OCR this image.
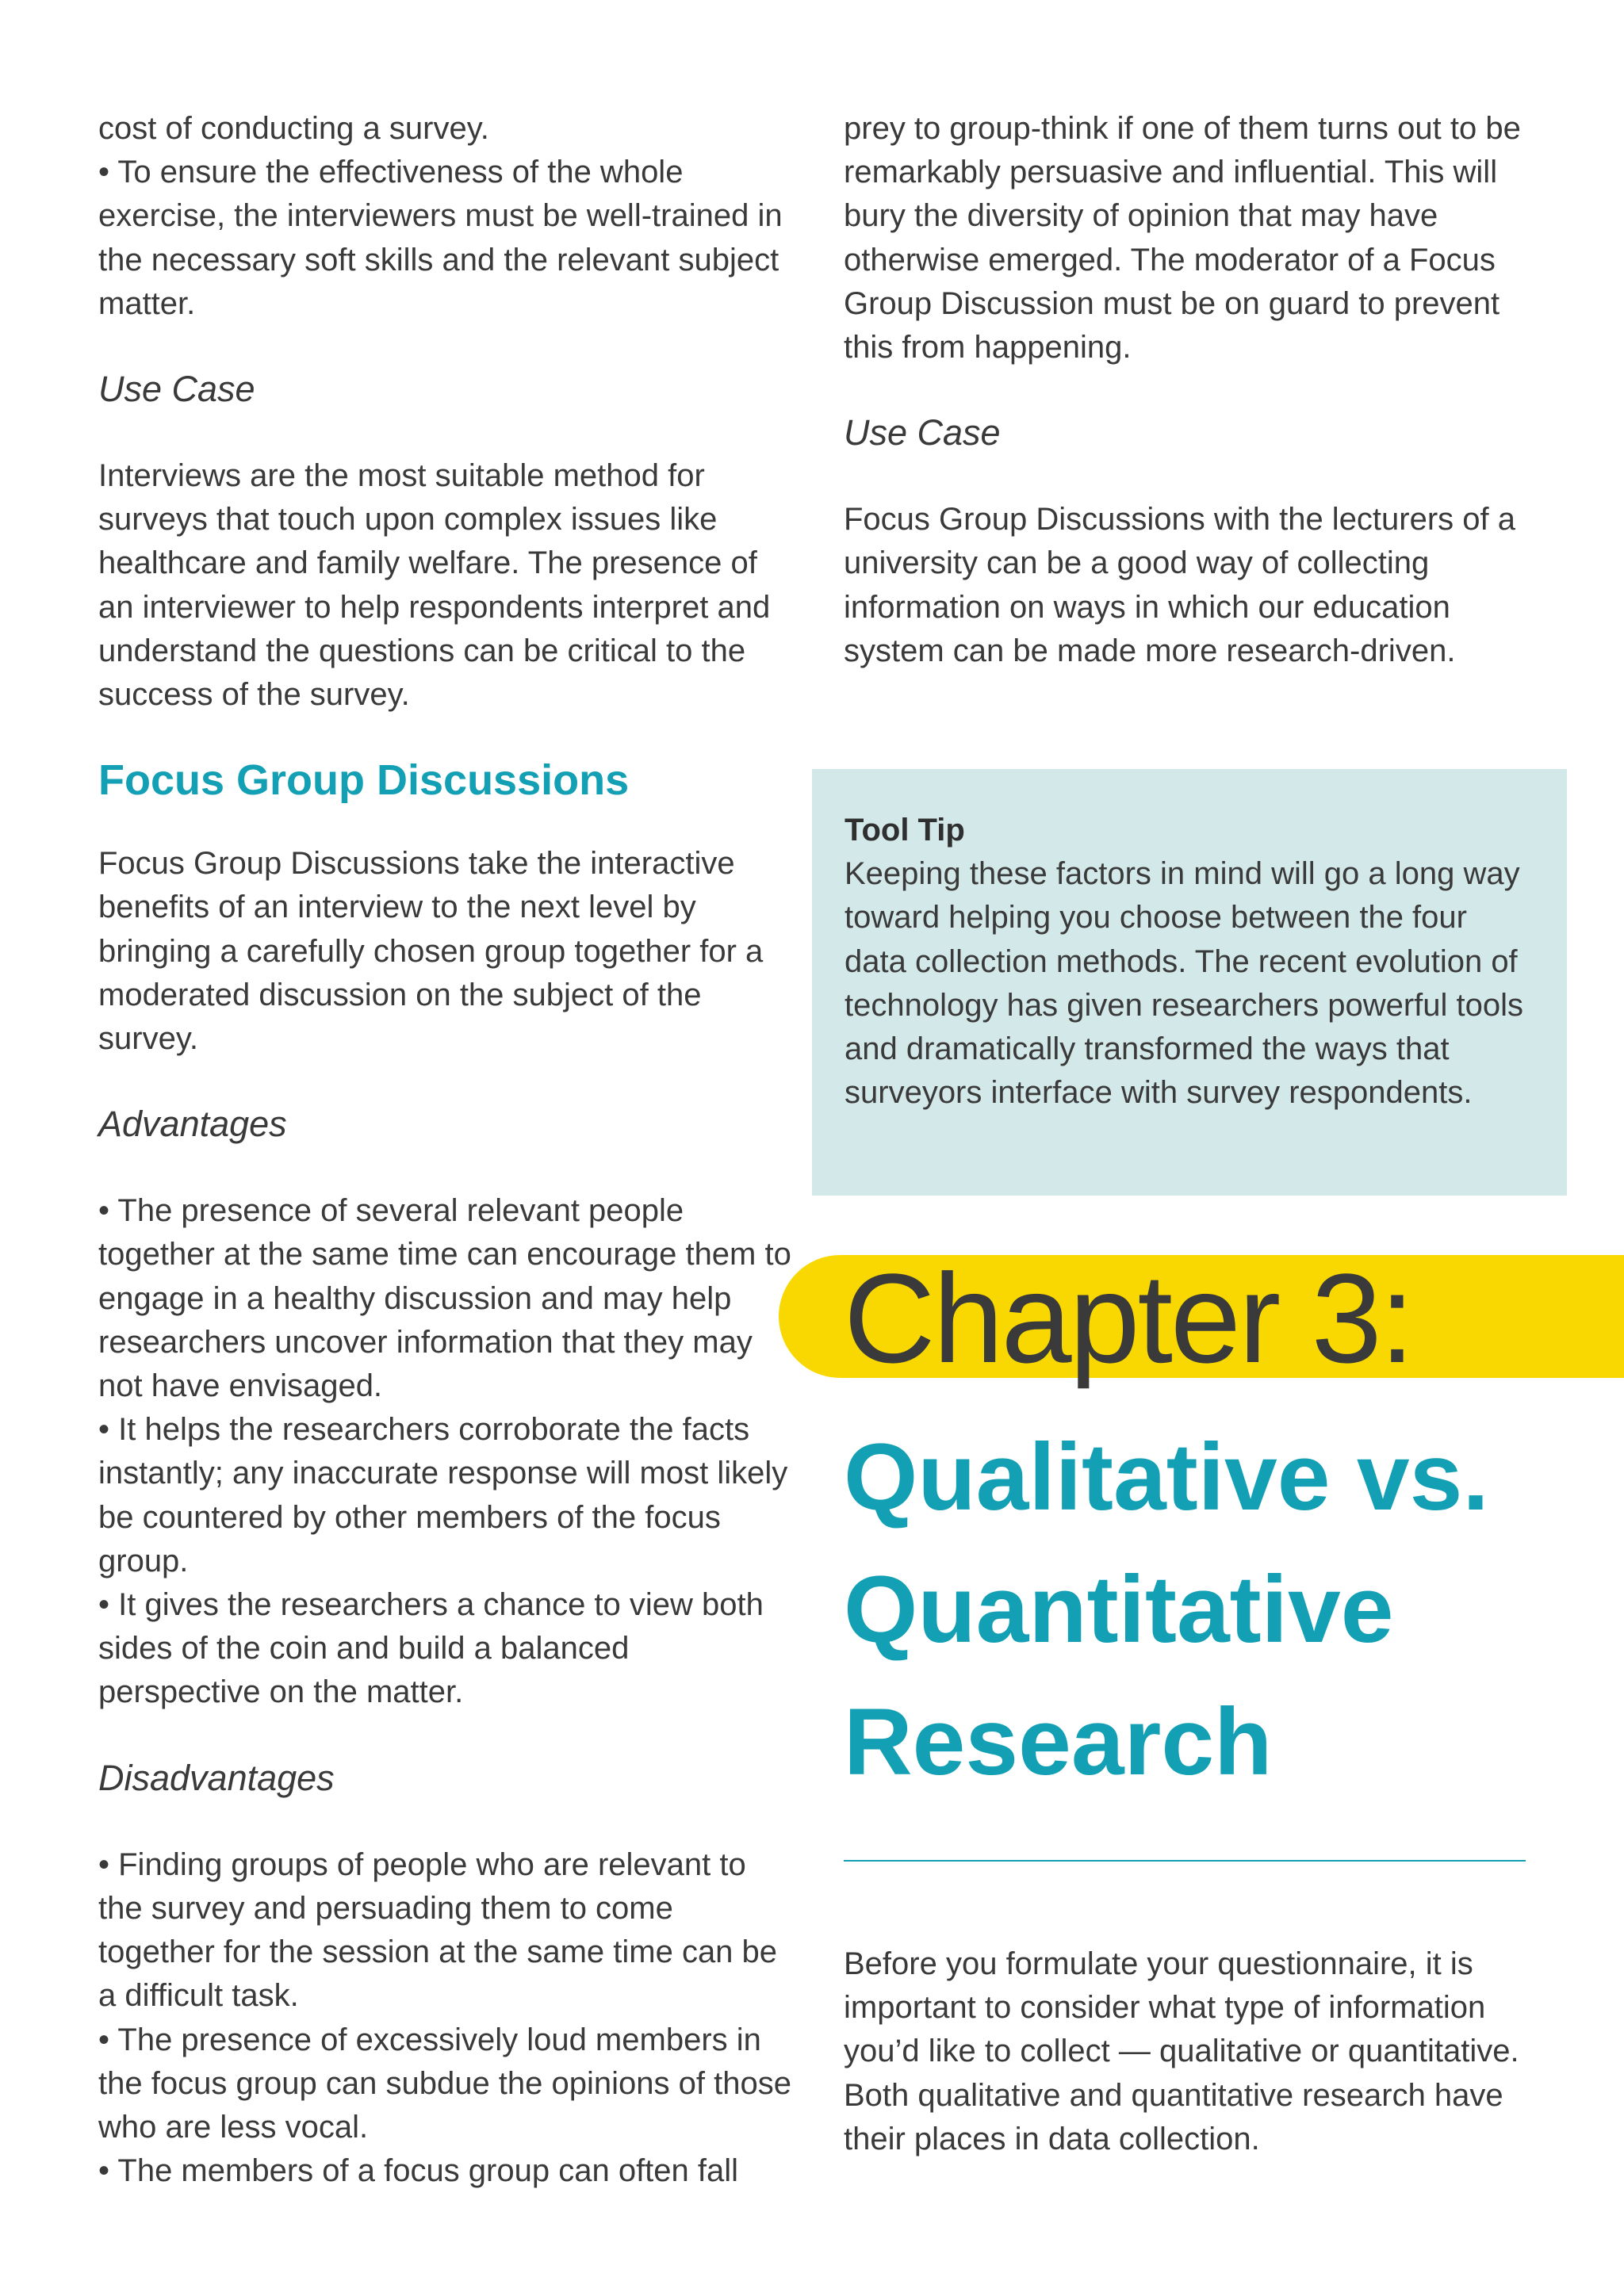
cost of conducting a survey.
• To ensure the effectiveness of the whole exercise, the interviewers must be well-trained in the necessary soft skills and the relevant subject matter.

Use Case

Interviews are the most suitable method for surveys that touch upon complex issues like healthcare and family welfare. The presence of an interviewer to help respondents interpret and understand the questions can be critical to the success of the survey.

Focus Group Discussions

Focus Group Discussions take the interactive benefits of an interview to the next level by bringing a carefully chosen group together for a moderated discussion on the subject of the survey.

Advantages

• The presence of several relevant people together at the same time can encourage them to engage in a healthy discussion and may help researchers uncover information that they may not have envisaged.
• It helps the researchers corroborate the facts instantly; any inaccurate response will most likely be countered by other members of the focus group.
• It gives the researchers a chance to view both sides of the coin and build a balanced perspective on the matter.

Disadvantages

• Finding groups of people who are relevant to the survey and persuading them to come together for the session at the same time can be a difficult task.
• The presence of excessively loud members in the focus group can subdue the opinions of those who are less vocal.
• The members of a focus group can often fall

prey to group-think if one of them turns out to be remarkably persuasive and influential. This will bury the diversity of opinion that may have otherwise emerged. The moderator of a Focus Group Discussion must be on guard to prevent this from happening.

Use Case

Focus Group Discussions with the lecturers of a university can be a good way of collecting information on ways in which our education system can be made more research-driven.

Tool Tip

Keeping these factors in mind will go a long way toward helping you choose between the four data collection methods. The recent evolution of technology has given researchers powerful tools and dramatically transformed the ways that surveyors interface with survey respondents.

Chapter 3:
Qualitative vs. Quantitative Research

Before you formulate your questionnaire, it is important to consider what type of information you’d like to collect — qualitative or quantitative. Both qualitative and quantitative research have their places in data collection.
